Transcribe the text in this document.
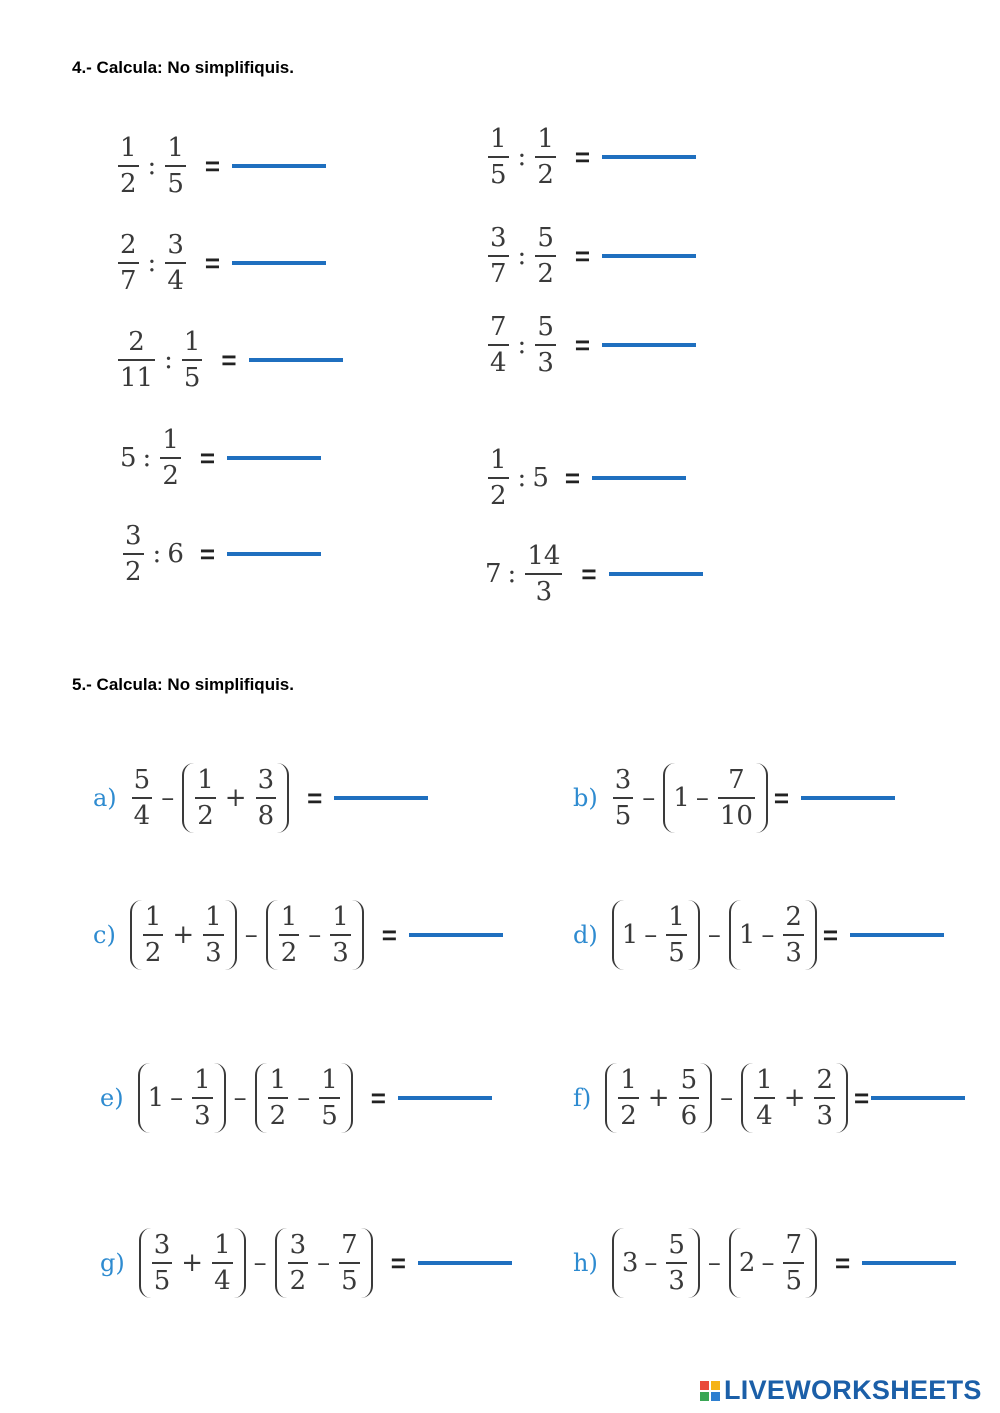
4.- Calcula: No simplifiquis.
$\frac{1}{2}$ : $\frac{1}{5}$ =
$\frac{2}{7}$ : $\frac{3}{4}$ =
$\frac{2}{11}$ : $\frac{1}{5}$ =
5 : $\frac{1}{2}$ =
$\frac{3}{2}$ : 6 =
$\frac{1}{5}$ : $\frac{1}{2}$ =
$\frac{3}{7}$ : $\frac{5}{2}$ =
$\frac{7}{4}$ : $\frac{5}{3}$ =
$\frac{1}{2}$ : 5 =
7 : $\frac{14}{3}$ =
5.- Calcula: No simplifiquis.
$a) \frac{5}{4} - \frac{1}{2} + \frac{3}{8}$ =	$b) \frac{3}{5} - 1 - \frac{7}{10}$ =
$c) \frac{1}{2} + \frac{1}{3} - \frac{1}{2} - \frac{1}{3}$ =	d) $1 - \frac{1}{5} - 1 - \frac{2}{3}$ =
e) $1 - \frac{1}{3} - \frac{1}{2} - \frac{1}{5}$ =	$f) \frac{1}{2} + \frac{5}{6} - \frac{1}{4} + \frac{2}{3}$ =
$g) \frac{3}{5} + \frac{1}{4} - \frac{3}{2} - \frac{7}{5}$ =	h) $3 - \frac{5}{3} - 2 - \frac{7}{5}$ =
LIVEWORKSHEETS
